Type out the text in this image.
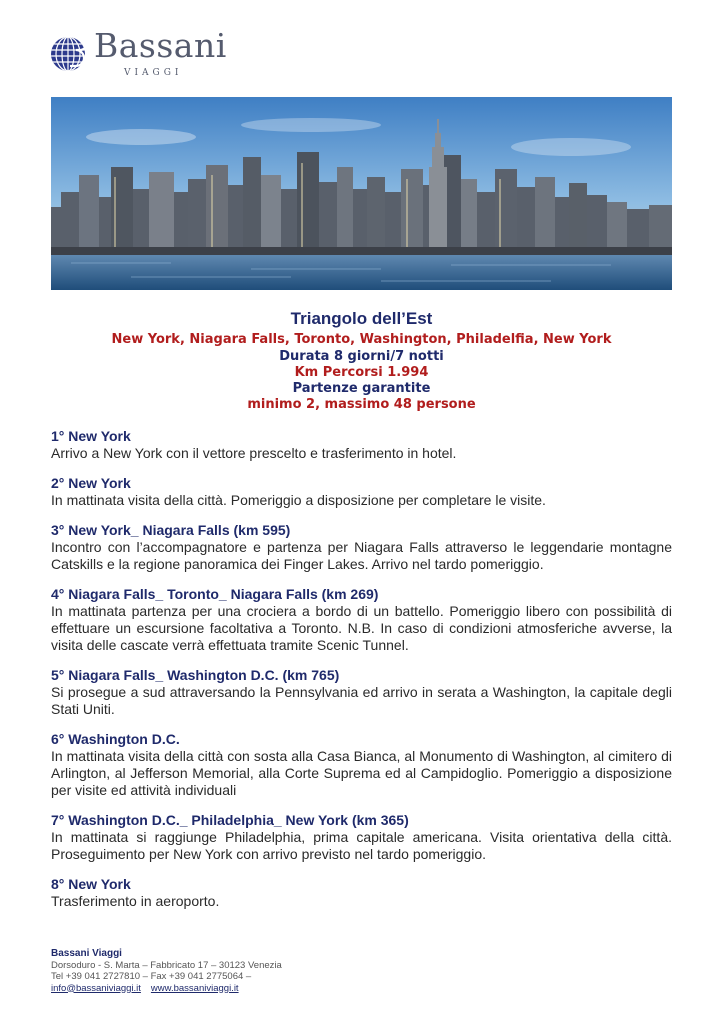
Bassani
VIAGGI
Triangolo dell’Est
New York, Niagara Falls, Toronto, Washington, Philadelfia, New York
Durata 8 giorni/7 notti
Km Percorsi 1.994
Partenze garantite
minimo 2, massimo 48 persone
1° New York
Arrivo a New York con il vettore prescelto e trasferimento in hotel.
2° New York
In mattinata visita della città. Pomeriggio a disposizione per completare le visite.
3° New York_ Niagara Falls (km 595)
Incontro con l’accompagnatore e partenza per Niagara Falls attraverso le leggendarie montagne Catskills e la regione panoramica dei Finger Lakes. Arrivo nel tardo pomeriggio.
4° Niagara Falls_ Toronto_ Niagara Falls (km 269)
In mattinata partenza per una crociera a bordo di un battello. Pomeriggio libero con possibilità di effettuare un escursione facoltativa a Toronto. N.B. In caso di condizioni atmosferiche avverse, la visita delle cascate verrà effettuata tramite Scenic Tunnel.
5° Niagara Falls_ Washington D.C. (km 765)
Si prosegue a sud attraversando la Pennsylvania ed arrivo in serata a Washington, la capitale degli Stati Uniti.
6° Washington D.C.
In mattinata visita della città con sosta alla Casa Bianca, al Monumento di Washington, al cimitero di Arlington, al Jefferson Memorial, alla Corte Suprema ed al Campidoglio. Pomeriggio a disposizione per visite ed attività individuali
7° Washington D.C._ Philadelphia_ New York (km 365)
In mattinata si raggiunge Philadelphia, prima capitale americana. Visita orientativa della città. Proseguimento per New York con arrivo previsto nel tardo pomeriggio.
8° New York
Trasferimento in aeroporto.
Bassani Viaggi
Dorsoduro - S. Marta – Fabbricato 17 – 30123 Venezia
Tel +39 041 2727810 – Fax +39 041 2775064 –
info@bassaniviaggi.it www.bassaniviaggi.it
